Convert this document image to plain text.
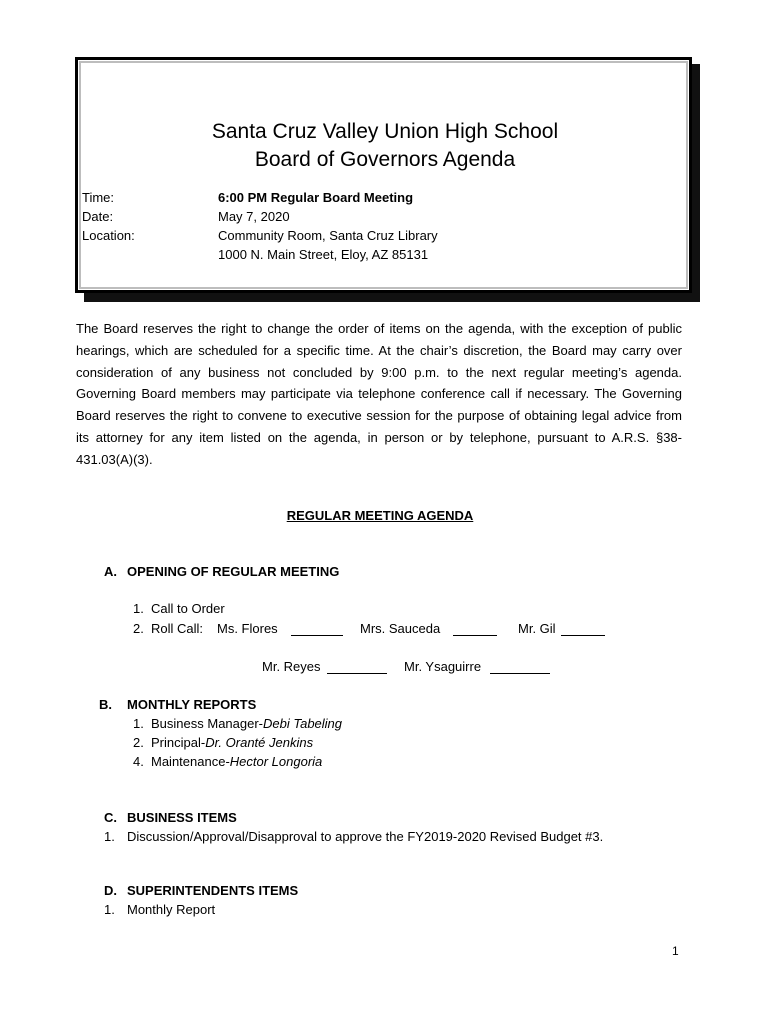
Santa Cruz Valley Union High School
Board of Governors Agenda
Time:	6:00 PM Regular Board Meeting
Date:	May 7, 2020
Location:	Community Room, Santa Cruz Library
1000 N. Main Street, Eloy, AZ 85131

The Board reserves the right to change the order of items on the agenda, with the exception of public hearings, which are scheduled for a specific time. At the chair’s discretion, the Board may carry over consideration of any business not concluded by 9:00 p.m. to the next regular meeting’s agenda. Governing Board members may participate via telephone conference call if necessary. The Governing Board reserves the right to convene to executive session for the purpose of obtaining legal advice from its attorney for any item listed on the agenda, in person or by telephone, pursuant to A.R.S. §38-431.03(A)(3).

REGULAR MEETING AGENDA
A. OPENING OF REGULAR MEETING
1. Call to Order
2. Roll Call: Ms. Flores	Mrs. Sauceda	Mr. Gil
Mr. Reyes	Mr. Ysaguirre
B. MONTHLY REPORTS
1. Business Manager-Debi Tabeling
2. Principal-Dr. Oranté Jenkins
4. Maintenance-Hector Longoria
C. BUSINESS ITEMS
1. Discussion/Approval/Disapproval to approve the FY2019-2020 Revised Budget #3.
D. SUPERINTENDENTS ITEMS
1. Monthly Report
1
